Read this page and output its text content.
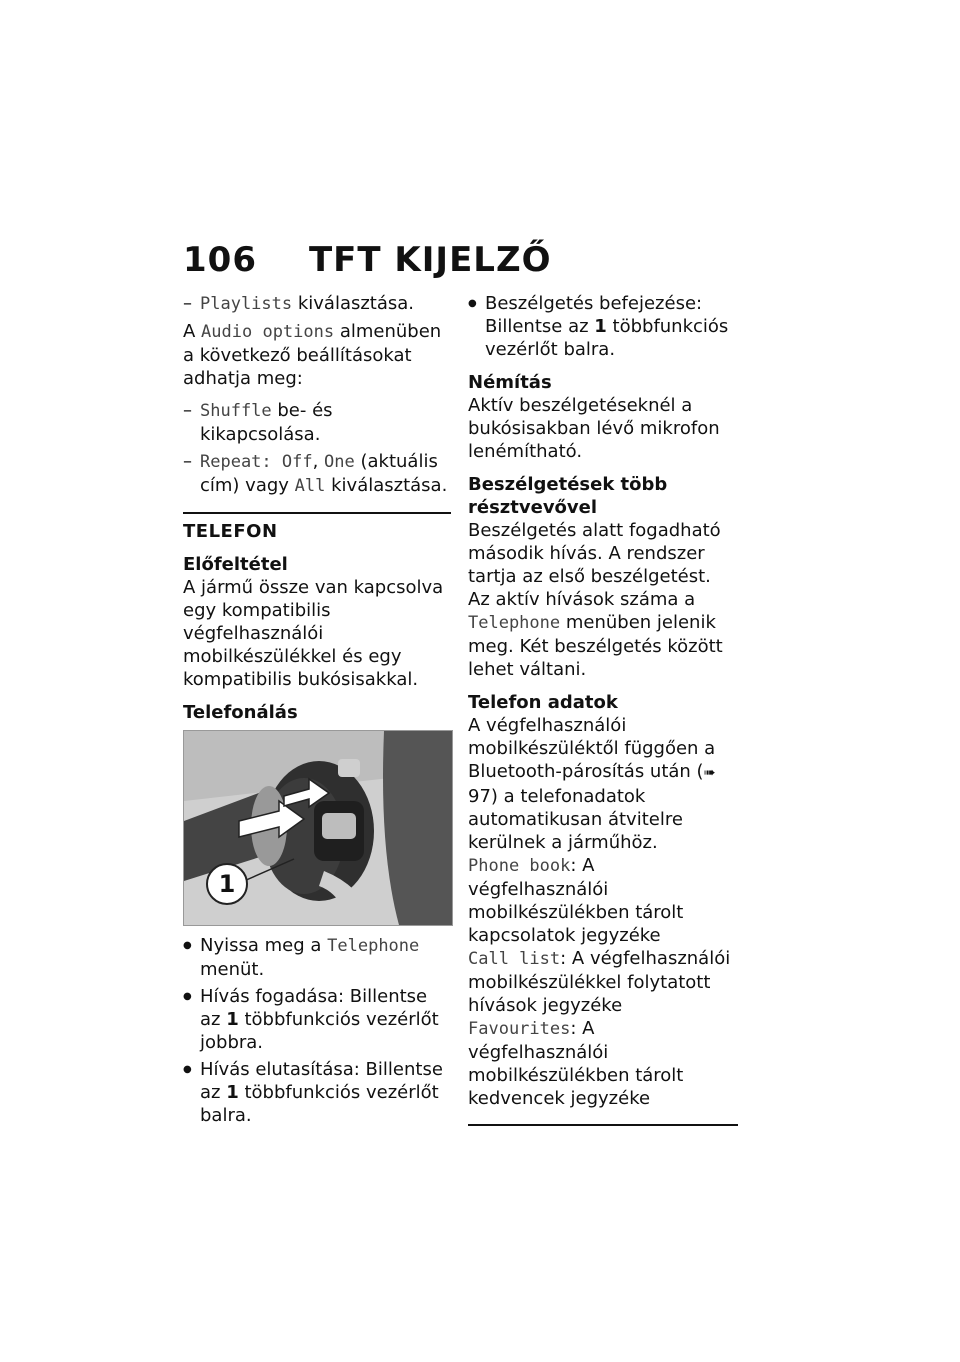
106 TFT KIJELZŐ

– Playlists kiválasztása.

A Audio options almenüben a következő beállításokat adhatja meg:

– Shuffle be- és kikapcsolása.

– Repeat: Off, One (aktuális cím) vagy All kiválasztása.

TELEFON
Előfeltétel

A jármű össze van kapcsolva egy kompatibilis végfelhasználói mobilkészülékkel és egy kompatibilis bukósisakkal.

Telefonálás
1

● Nyissa meg a Telephone menüt.

● Hívás fogadása: Billentse az 1 többfunkciós vezérlőt jobbra.

● Hívás elutasítása: Billentse az 1 többfunkciós vezérlőt balra.

● Beszélgetés befejezése: Billentse az 1 többfunkciós vezérlőt balra.

Némítás

Aktív beszélgetéseknél a bukósisakban lévő mikrofon lenémítható.

Beszélgetések több résztvevővel

Beszélgetés alatt fogadható második hívás. A rendszer tartja az első beszélgetést.

Az aktív hívások száma a Telephone menüben jelenik meg. Két beszélgetés között lehet váltani.

Telefon adatok

A végfelhasználói mobilkészüléktől függően a Bluetooth-párosítás után (➠ 97) a telefonadatok automatikusan átvitelre kerülnek a járműhöz.

Phone book: A végfelhasználói mobilkészülékben tárolt kapcsolatok jegyzéke

Call list: A végfelhasználói mobilkészülékkel folytatott hívások jegyzéke

Favourites: A végfelhasználói mobilkészülékben tárolt kedvencek jegyzéke
